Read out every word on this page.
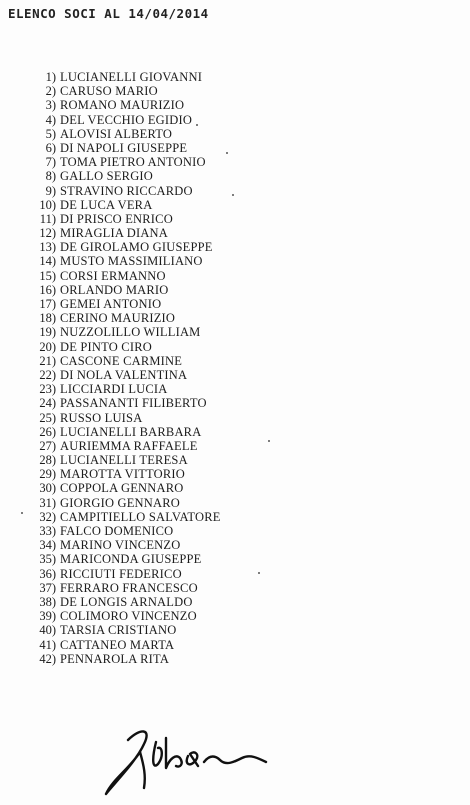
ELENCO SOCI AL 14/04/2014
1) LUCIANELLI GIOVANNI
2) CARUSO MARIO
3) ROMANO MAURIZIO
4) DEL VECCHIO EGIDIO
5) ALOVISI ALBERTO
6) DI NAPOLI GIUSEPPE
7) TOMA PIETRO ANTONIO
8) GALLO SERGIO
9) STRAVINO RICCARDO
10) DE LUCA VERA
11) DI PRISCO ENRICO
12) MIRAGLIA DIANA
13) DE GIROLAMO GIUSEPPE
14) MUSTO MASSIMILIANO
15) CORSI ERMANNO
16) ORLANDO MARIO
17) GEMEI ANTONIO
18) CERINO MAURIZIO
19) NUZZOLILLO WILLIAM
20) DE PINTO CIRO
21) CASCONE CARMINE
22) DI NOLA VALENTINA
23) LICCIARDI LUCIA
24) PASSANANTI FILIBERTO
25) RUSSO LUISA
26) LUCIANELLI BARBARA
27) AURIEMMA RAFFAELE
28) LUCIANELLI TERESA
29) MAROTTA VITTORIO
30) COPPOLA GENNARO
31) GIORGIO GENNARO
32) CAMPITIELLO SALVATORE
33) FALCO DOMENICO
34) MARINO VINCENZO
35) MARICONDA GIUSEPPE
36) RICCIUTI FEDERICO
37) FERRARO FRANCESCO
38) DE LONGIS ARNALDO
39) COLIMORO VINCENZO
40) TARSIA CRISTIANO
41) CATTANEO MARTA
42) PENNAROLA RITA
